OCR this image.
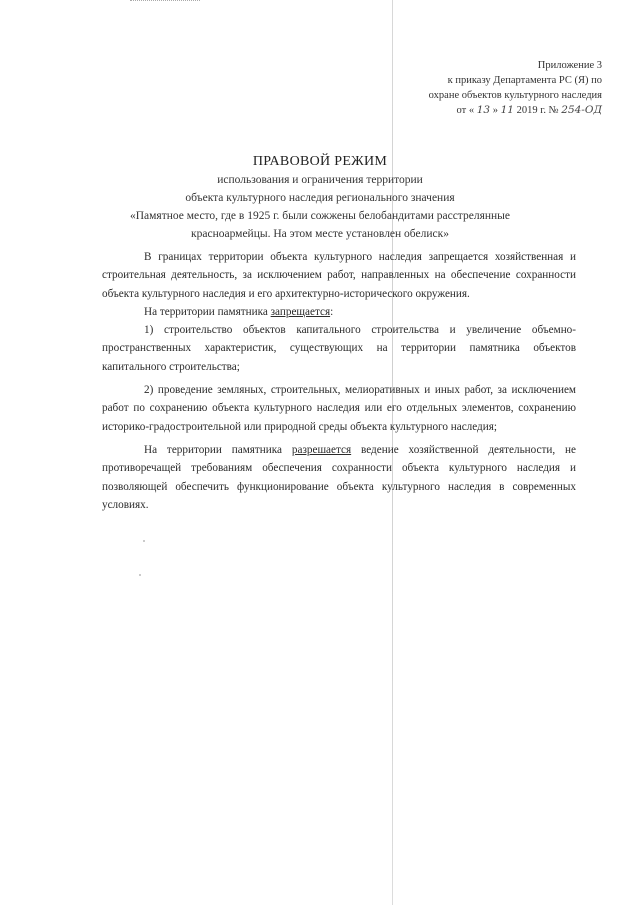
Приложение 3
к приказу Департамента РС (Я) по
охране объектов культурного наследия
от « 13 » 11 2019 г. № 254-ОД
ПРАВОВОЙ РЕЖИМ
использования и ограничения территории
объекта культурного наследия регионального значения
«Памятное место, где в 1925 г. были сожжены белобандитами расстрелянные
красноармейцы. На этом месте установлен обелиск»

В границах территории объекта культурного наследия запрещается хозяйственная и строительная деятельность, за исключением работ, направленных на обеспечение сохранности объекта культурного наследия и его архитектурно-исторического окружения.

На территории памятника запрещается:

1) строительство объектов капитального строительства и увеличение объемно- пространственных характеристик, существующих на территории памятника объектов капитального строительства;

2) проведение земляных, строительных, мелиоративных и иных работ, за исключением работ по сохранению объекта культурного наследия или его отдельных элементов, сохранению историко-градостроительной или природной среды объекта культурного наследия;

На территории памятника разрешается ведение хозяйственной деятельности, не противоречащей требованиям обеспечения сохранности объекта культурного наследия и позволяющей обеспечить функционирование объекта культурного наследия в современных условиях.
